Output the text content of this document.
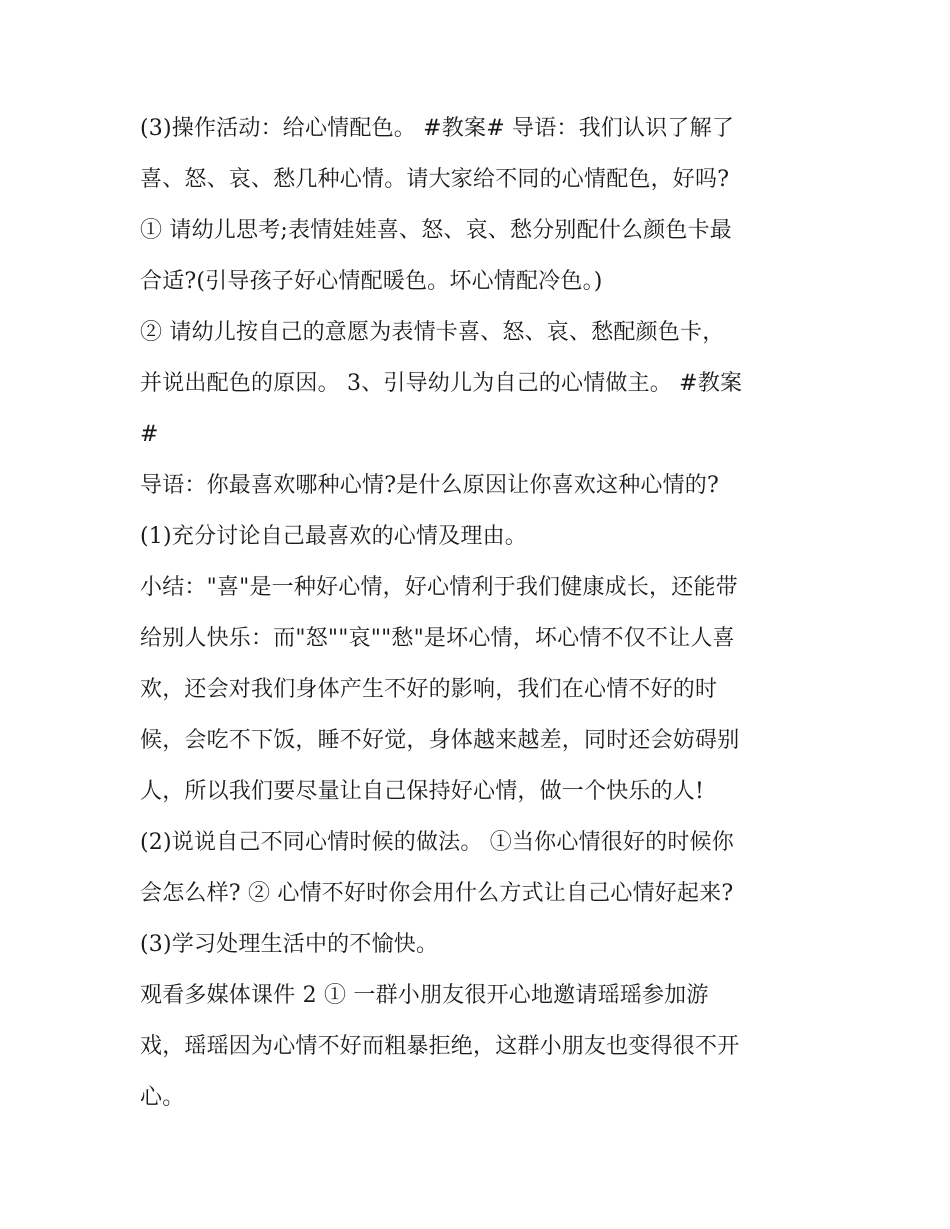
(3)操作活动：给心情配色。 #教案# 导语：我们认识了解了
喜、怒、哀、愁几种心情。请大家给不同的心情配色，好吗?
① 请幼儿思考;表情娃娃喜、怒、哀、愁分别配什么颜色卡最
合适?(引导孩子好心情配暖色。坏心情配冷色。)
② 请幼儿按自己的意愿为表情卡喜、怒、哀、愁配颜色卡，
并说出配色的原因。 3、引导幼儿为自己的心情做主。 #教案
#
导语：你最喜欢哪种心情?是什么原因让你喜欢这种心情的?
(1)充分讨论自己最喜欢的心情及理由。
小结："喜"是一种好心情，好心情利于我们健康成长，还能带
给别人快乐：而"怒""哀""愁"是坏心情，坏心情不仅不让人喜
欢，还会对我们身体产生不好的影响，我们在心情不好的时
候，会吃不下饭，睡不好觉，身体越来越差，同时还会妨碍别
人，所以我们要尽量让自己保持好心情，做一个快乐的人!
(2)说说自己不同心情时候的做法。 ①当你心情很好的时候你
会怎么样? ② 心情不好时你会用什么方式让自己心情好起来?
(3)学习处理生活中的不愉快。
观看多媒体课件 2 ① 一群小朋友很开心地邀请瑶瑶参加游
戏，瑶瑶因为心情不好而粗暴拒绝，这群小朋友也变得很不开
心。
